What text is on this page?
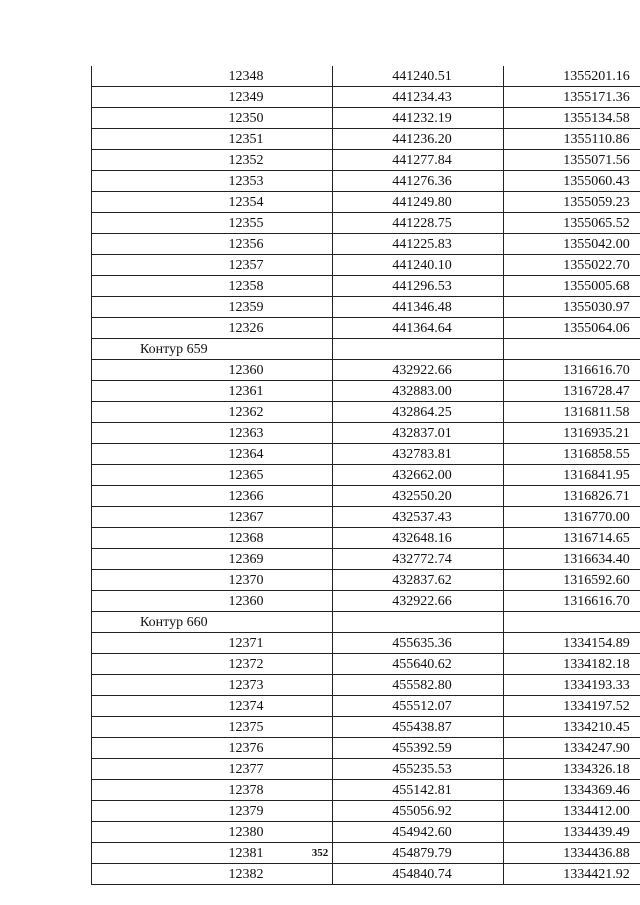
12348	441240.51	1355201.16
12349	441234.43	1355171.36
12350	441232.19	1355134.58
12351	441236.20	1355110.86
12352	441277.84	1355071.56
12353	441276.36	1355060.43
12354	441249.80	1355059.23
12355	441228.75	1355065.52
12356	441225.83	1355042.00
12357	441240.10	1355022.70
12358	441296.53	1355005.68
12359	441346.48	1355030.97
12326	441364.64	1355064.06
Контур 659		
12360	432922.66	1316616.70
12361	432883.00	1316728.47
12362	432864.25	1316811.58
12363	432837.01	1316935.21
12364	432783.81	1316858.55
12365	432662.00	1316841.95
12366	432550.20	1316826.71
12367	432537.43	1316770.00
12368	432648.16	1316714.65
12369	432772.74	1316634.40
12370	432837.62	1316592.60
12360	432922.66	1316616.70
Контур 660		
12371	455635.36	1334154.89
12372	455640.62	1334182.18
12373	455582.80	1334193.33
12374	455512.07	1334197.52
12375	455438.87	1334210.45
12376	455392.59	1334247.90
12377	455235.53	1334326.18
12378	455142.81	1334369.46
12379	455056.92	1334412.00
12380	454942.60	1334439.49
12381	454879.79	1334436.88
12382	454840.74	1334421.92
352
